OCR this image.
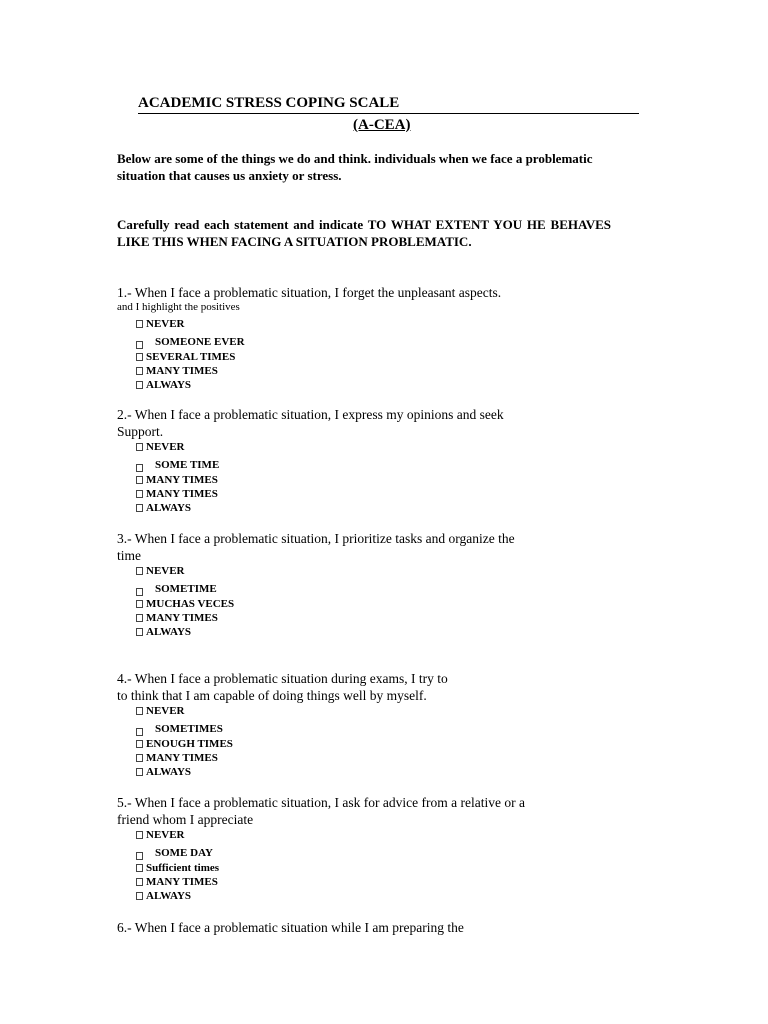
ACADEMIC STRESS COPING SCALE
(A-CEA)
Below are some of the things we do and think. individuals when we face a problematic situation that causes us anxiety or stress.
Carefully read each statement and indicate TO WHAT EXTENT YOU HE BEHAVES LIKE THIS WHEN FACING A SITUATION PROBLEMATIC.
1.- When I face a problematic situation, I forget the unpleasant aspects.
and I highlight the positives
NEVER
SOMEONE EVER
SEVERAL TIMES
MANY TIMES
ALWAYS
2.- When I face a problematic situation, I express my opinions and seek
Support.
NEVER
SOME TIME
MANY TIMES
MANY TIMES
ALWAYS
3.- When I face a problematic situation, I prioritize tasks and organize the
time
NEVER
SOMETIME
MUCHAS VECES
MANY TIMES
ALWAYS
4.- When I face a problematic situation during exams, I try to
to think that I am capable of doing things well by myself.
NEVER
SOMETIMES
ENOUGH TIMES
MANY TIMES
ALWAYS
5.- When I face a problematic situation, I ask for advice from a relative or a
friend whom I appreciate
NEVER
SOME DAY
Sufficient times
MANY TIMES
ALWAYS
6.- When I face a problematic situation while I am preparing the
